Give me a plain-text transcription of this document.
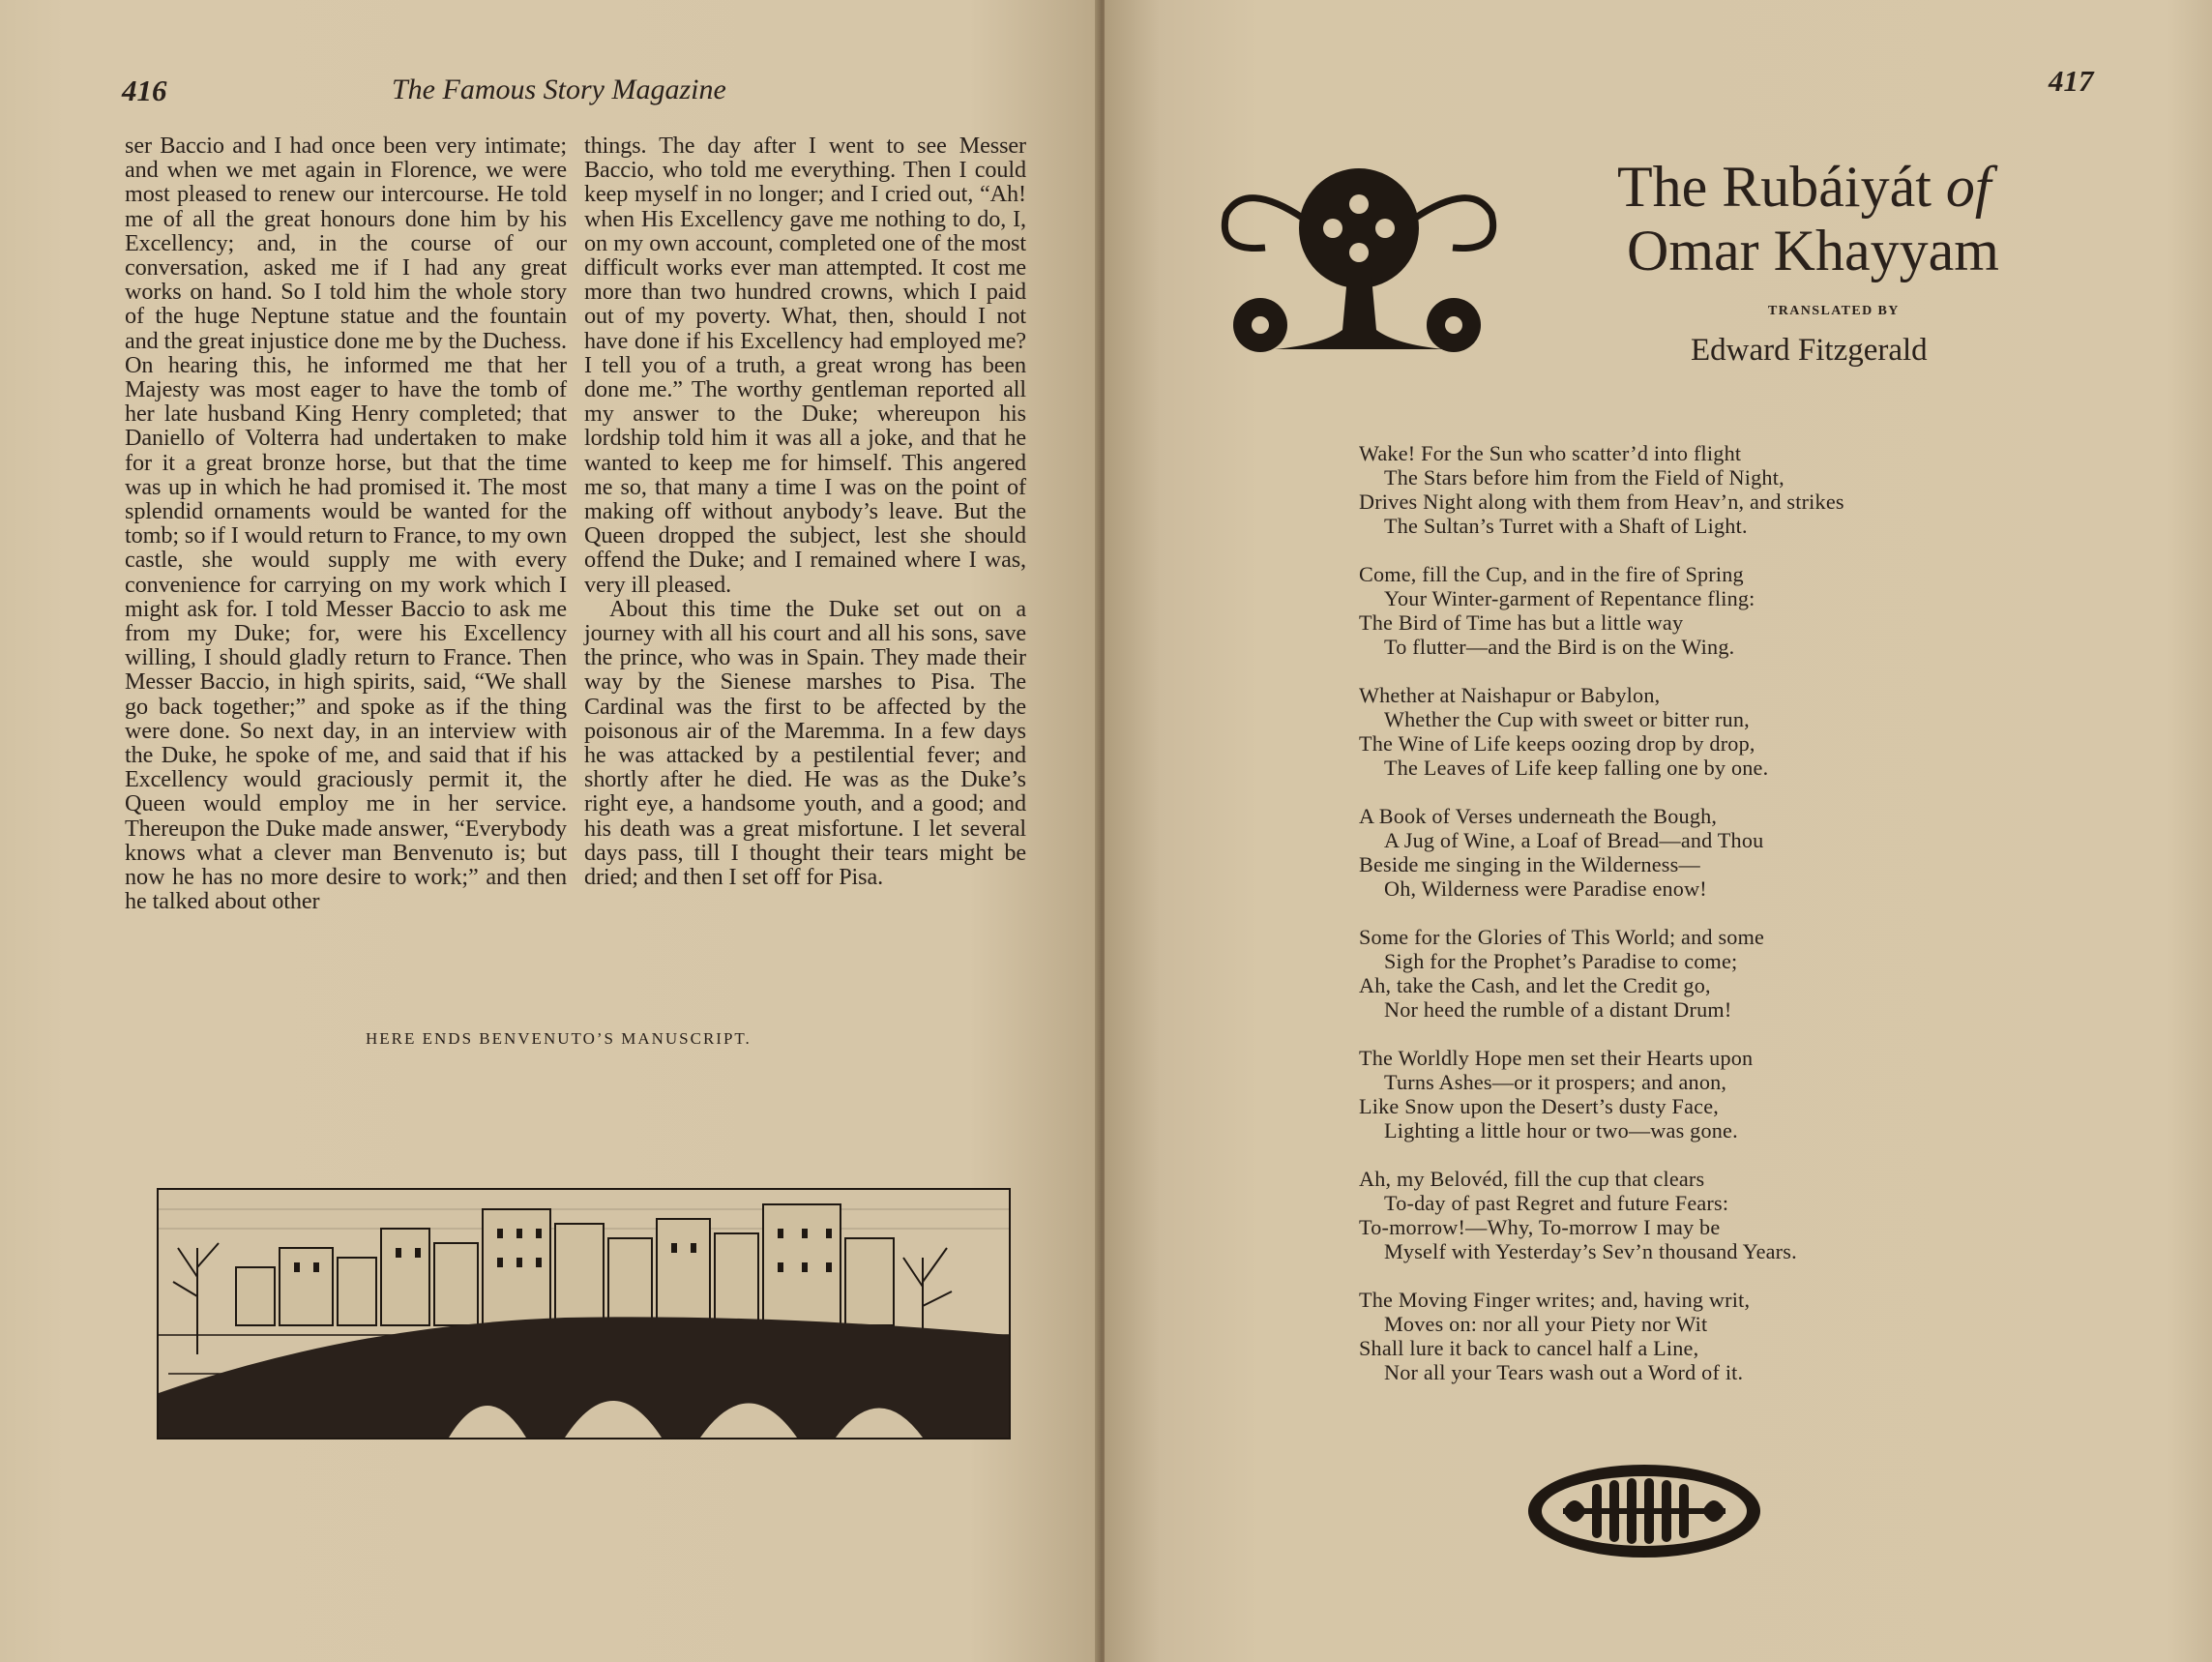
416	The Famous Story Magazine

ser Baccio and I had once been very intimate; and when we met again in Florence, we were most pleased to renew our intercourse. He told me of all the great honours done him by his Excellency; and, in the course of our conversation, asked me if I had any great works on hand. So I told him the whole story of the huge Neptune statue and the fountain and the great injustice done me by the Duchess. On hearing this, he informed me that her Majesty was most eager to have the tomb of her late husband King Henry completed; that Daniello of Volterra had undertaken to make for it a great bronze horse, but that the time was up in which he had promised it. The most splendid ornaments would be wanted for the tomb; so if I would return to France, to my own castle, she would supply me with every convenience for carrying on my work which I might ask for. I told Messer Baccio to ask me from my Duke; for, were his Excellency willing, I should gladly return to France. Then Messer Baccio, in high spirits, said, “We shall go back together;” and spoke as if the thing were done. So next day, in an interview with the Duke, he spoke of me, and said that if his Excellency would graciously permit it, the Queen would employ me in her service. Thereupon the Duke made answer, “Everybody knows what a clever man Benvenuto is; but now he has no more desire to work;” and then he talked about other

things. The day after I went to see Messer Baccio, who told me everything. Then I could keep myself in no longer; and I cried out, “Ah! when His Excellency gave me nothing to do, I, on my own account, completed one of the most difficult works ever man attempted. It cost me more than two hundred crowns, which I paid out of my poverty. What, then, should I not have done if his Excellency had employed me? I tell you of a truth, a great wrong has been done me.” The worthy gentleman reported all my answer to the Duke; whereupon his lordship told him it was all a joke, and that he wanted to keep me for himself. This angered me so, that many a time I was on the point of making off without anybody’s leave. But the Queen dropped the subject, lest she should offend the Duke; and I remained where I was, very ill pleased.

About this time the Duke set out on a journey with all his court and all his sons, save the prince, who was in Spain. They made their way by the Sienese marshes to Pisa. The Cardinal was the first to be affected by the poisonous air of the Maremma. In a few days he was attacked by a pestilential fever; and shortly after he died. He was as the Duke’s right eye, a handsome youth, and a good; and his death was a great misfortune. I let several days pass, till I thought their tears might be dried; and then I set off for Pisa.

HERE ENDS BENVENUTO’S MANUSCRIPT.
417
The Rubáiyát of
Omar Khayyam
TRANSLATED BY
Edward Fitzgerald
Wake! For the Sun who scatter’d into flight
The Stars before him from the Field of Night,
Drives Night along with them from Heav’n, and strikes
The Sultan’s Turret with a Shaft of Light.
Come, fill the Cup, and in the fire of Spring
Your Winter-garment of Repentance fling:
The Bird of Time has but a little way
To flutter—and the Bird is on the Wing.
Whether at Naishapur or Babylon,
Whether the Cup with sweet or bitter run,
The Wine of Life keeps oozing drop by drop,
The Leaves of Life keep falling one by one.
A Book of Verses underneath the Bough,
A Jug of Wine, a Loaf of Bread—and Thou
Beside me singing in the Wilderness—
Oh, Wilderness were Paradise enow!
Some for the Glories of This World; and some
Sigh for the Prophet’s Paradise to come;
Ah, take the Cash, and let the Credit go,
Nor heed the rumble of a distant Drum!
The Worldly Hope men set their Hearts upon
Turns Ashes—or it prospers; and anon,
Like Snow upon the Desert’s dusty Face,
Lighting a little hour or two—was gone.
Ah, my Belovéd, fill the cup that clears
To-day of past Regret and future Fears:
To-morrow!—Why, To-morrow I may be
Myself with Yesterday’s Sev’n thousand Years.
The Moving Finger writes; and, having writ,
Moves on: nor all your Piety nor Wit
Shall lure it back to cancel half a Line,
Nor all your Tears wash out a Word of it.
